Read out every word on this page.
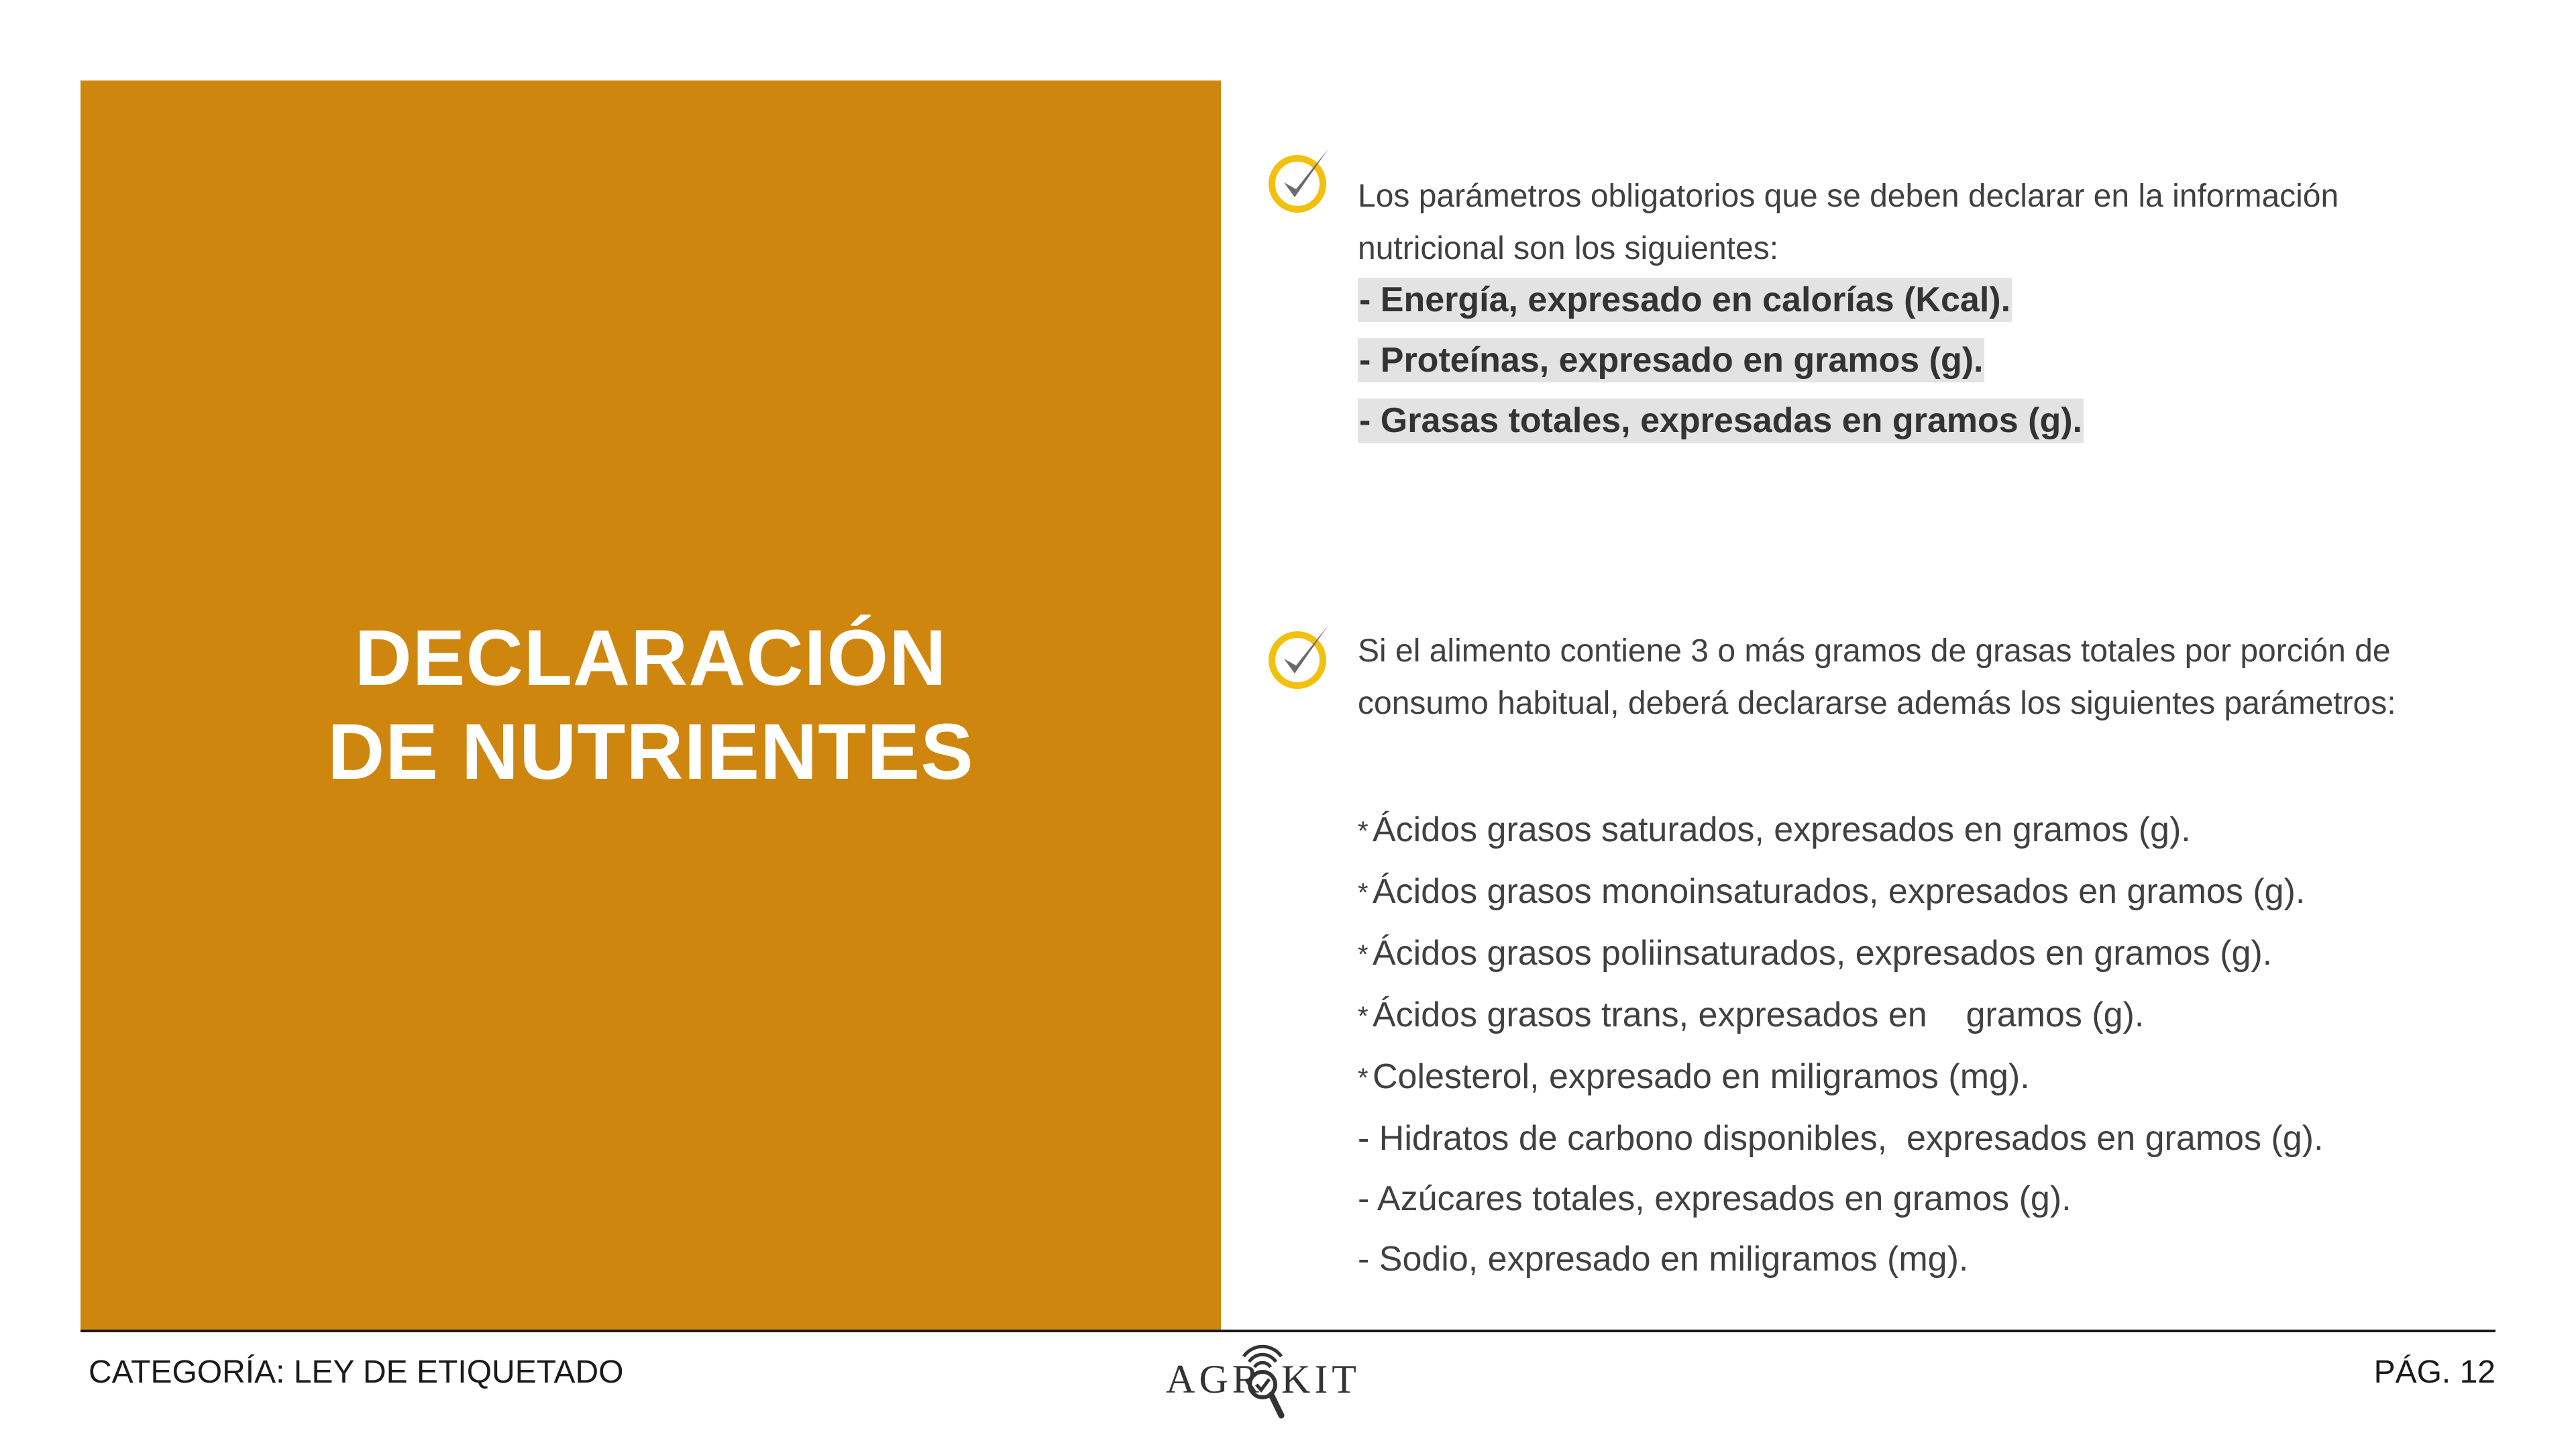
DECLARACIÓN
DE NUTRIENTES

Los parámetros obligatorios que se deben declarar en la información

nutricional son los siguientes:

- Energía, expresado en calorías (Kcal).
- Proteínas, expresado en gramos (g).
- Grasas totales, expresadas en gramos (g).

Si el alimento contiene 3 o más gramos de grasas totales por porción de

consumo habitual, deberá declararse además los siguientes parámetros:

* Ácidos grasos saturados, expresados en gramos (g).
* Ácidos grasos monoinsaturados, expresados en gramos (g).
* Ácidos grasos poliinsaturados, expresados en gramos (g).
* Ácidos grasos trans, expresados en    gramos (g).
* Colesterol, expresado en miligramos (mg).
- Hidratos de carbono disponibles,  expresados en gramos (g).
- Azúcares totales, expresados en gramos (g).
- Sodio, expresado en miligramos (mg).
CATEGORÍA: LEY DE ETIQUETADO	AGR KIT	PÁG. 12
